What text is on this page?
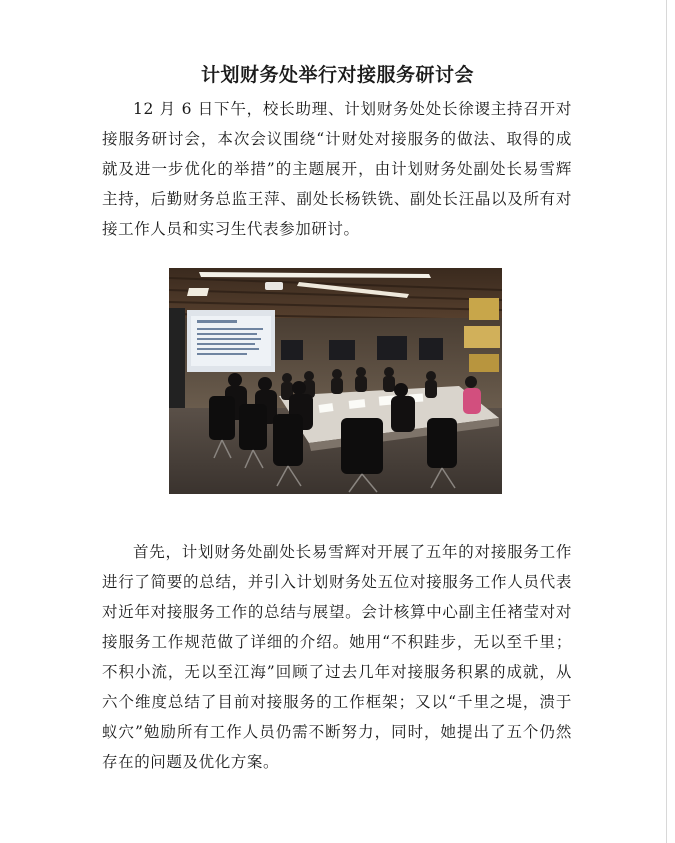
计划财务处举行对接服务研讨会

12 月 6 日下午，校长助理、计划财务处处长徐谡主持召开对接服务研讨会，本次会议围绕“计财处对接服务的做法、取得的成就及进一步优化的举措”的主题展开，由计划财务处副处长易雪辉主持，后勤财务总监王萍、副处长杨铁铣、副处长汪晶以及所有对接工作人员和实习生代表参加研讨。

首先，计划财务处副处长易雪辉对开展了五年的对接服务工作进行了简要的总结，并引入计划财务处五位对接服务工作人员代表对近年对接服务工作的总结与展望。会计核算中心副主任褚莹对对接服务工作规范做了详细的介绍。她用“不积跬步，无以至千里；不积小流，无以至江海”回顾了过去几年对接服务积累的成就，从六个维度总结了目前对接服务的工作框架；又以“千里之堤，溃于蚁穴”勉励所有工作人员仍需不断努力，同时，她提出了五个仍然存在的问题及优化方案。
